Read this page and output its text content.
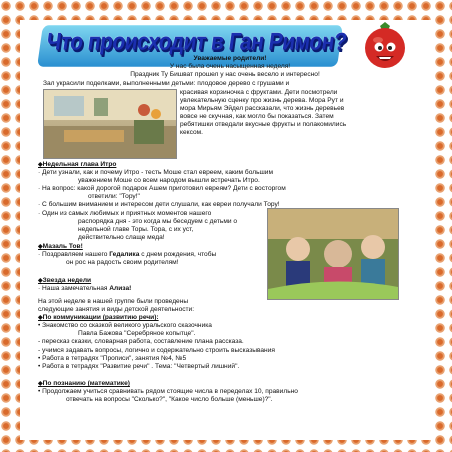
Что происходит в Ган Римон?
Уважаемые родители!
У нас была очень насыщенная неделя!
Праздник Ту Бишват прошел у нас очень весело и интересно!
Зал украсили поделками, выполненными детьми: плодовое дерево с грушами и
красивая корзиночка с фруктами. Дети посмотрели
увлекательную сценку про жизнь дерева. Мора Рут и
мора Мирьям Эйдел рассказали, что жизнь деревьев
вовсе не скучная, как могло бы показаться. Затем
ребятишки отведали вкусные фрукты и полакомились
кексом.
◆ Недельная глава Итро
· Дети узнали, как и почему Итро - тесть Моше стал евреем, каким большим
уважением Моше со всем народом вышли встречать Итро.
· На вопрос: какой дорогой подарок Ашем приготовил евреям? Дети с восторгом
ответили: "Тору!"
· С большим вниманием и интересом дети слушали, как евреи получали Тору!
· Один из самых любимых и приятных моментов нашего
распорядка дня - это когда мы беседуем с детьми о
недельной главе Торы. Тора, с их уст,
действительно слаще меда!
◆ Мазаль Тов!
· Поздравляем нашего Гедалика с днем рождения, чтобы
он рос на радость своим родителям!
◆ Звезда недели
· Наша замечательная Ализа!
На этой неделе в нашей группе были проведены
следующие занятия и виды детской деятельности:
◆ По коммуникации (развитию речи):
• Знакомство со сказкой великого уральского сказочника
Павла Бажова "Серебряное копытце".
- пересказ сказки, словарная работа, составление плана рассказа.
- учимся задавать вопросы, логично и содержательно строить высказывания
• Работа в тетрадях "Прописи", занятия №4, №5
• Работа в тетрадях "Развитие речи" . Тема: "Четвертый лишний".
◆ По познанию (математике)
• Продолжаем учиться сравнивать рядом стоящие числа в переделах 10, правильно
отвечать на вопросы "Сколько?", "Какое число больше (меньше)?".
